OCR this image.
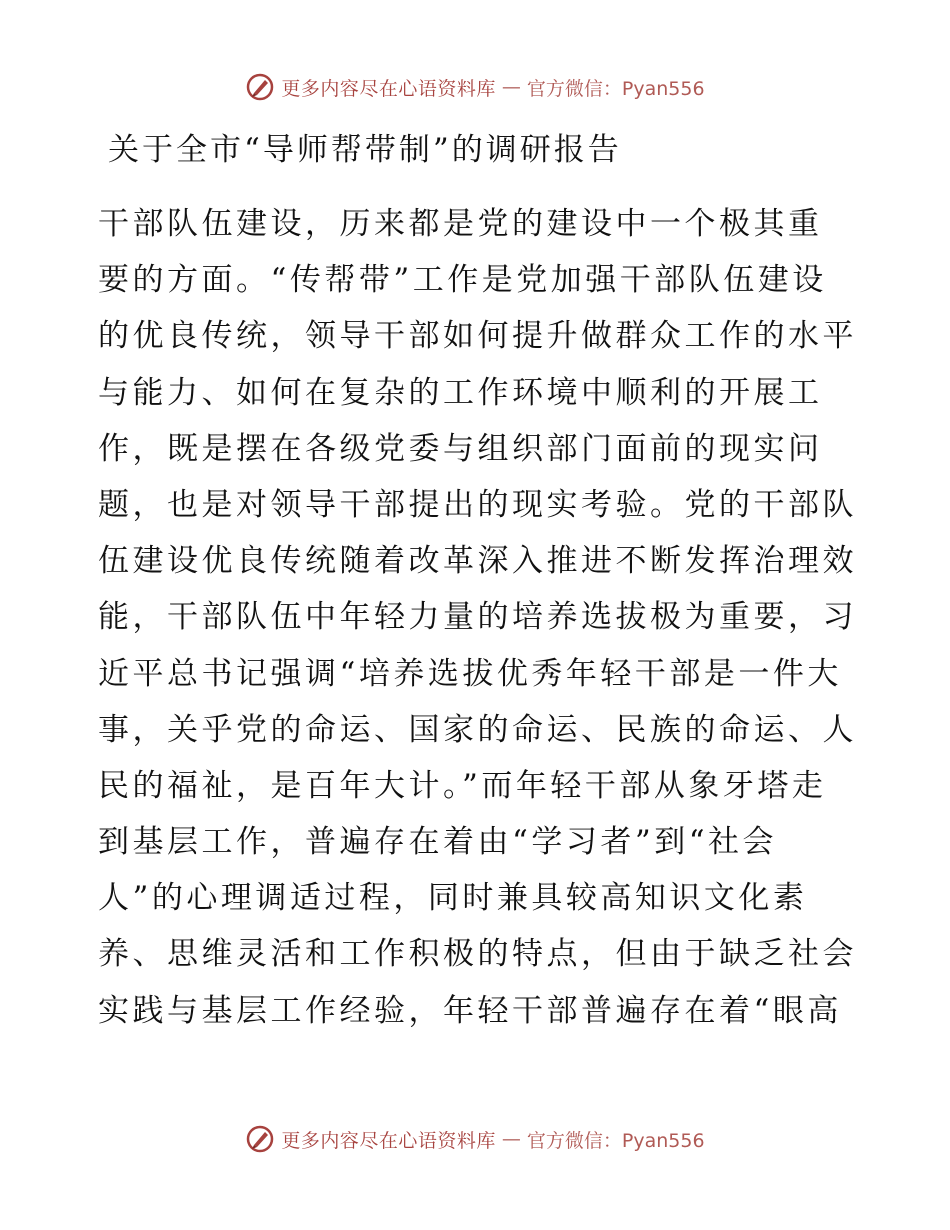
更多内容尽在心语资料库 — 官方微信：Pyan556
关于全市“导师帮带制”的调研报告
干部队伍建设，历来都是党的建设中一个极其重
要的方面。“传帮带”工作是党加强干部队伍建设
的优良传统，领导干部如何提升做群众工作的水平
与能力、如何在复杂的工作环境中顺利的开展工
作，既是摆在各级党委与组织部门面前的现实问
题，也是对领导干部提出的现实考验。党的干部队
伍建设优良传统随着改革深入推进不断发挥治理效
能，干部队伍中年轻力量的培养选拔极为重要，习
近平总书记强调“培养选拔优秀年轻干部是一件大
事，关乎党的命运、国家的命运、民族的命运、人
民的福祉，是百年大计。”而年轻干部从象牙塔走
到基层工作，普遍存在着由“学习者”到“社会
人”的心理调适过程，同时兼具较高知识文化素
养、思维灵活和工作积极的特点，但由于缺乏社会
实践与基层工作经验，年轻干部普遍存在着“眼高
更多内容尽在心语资料库 — 官方微信：Pyan556
